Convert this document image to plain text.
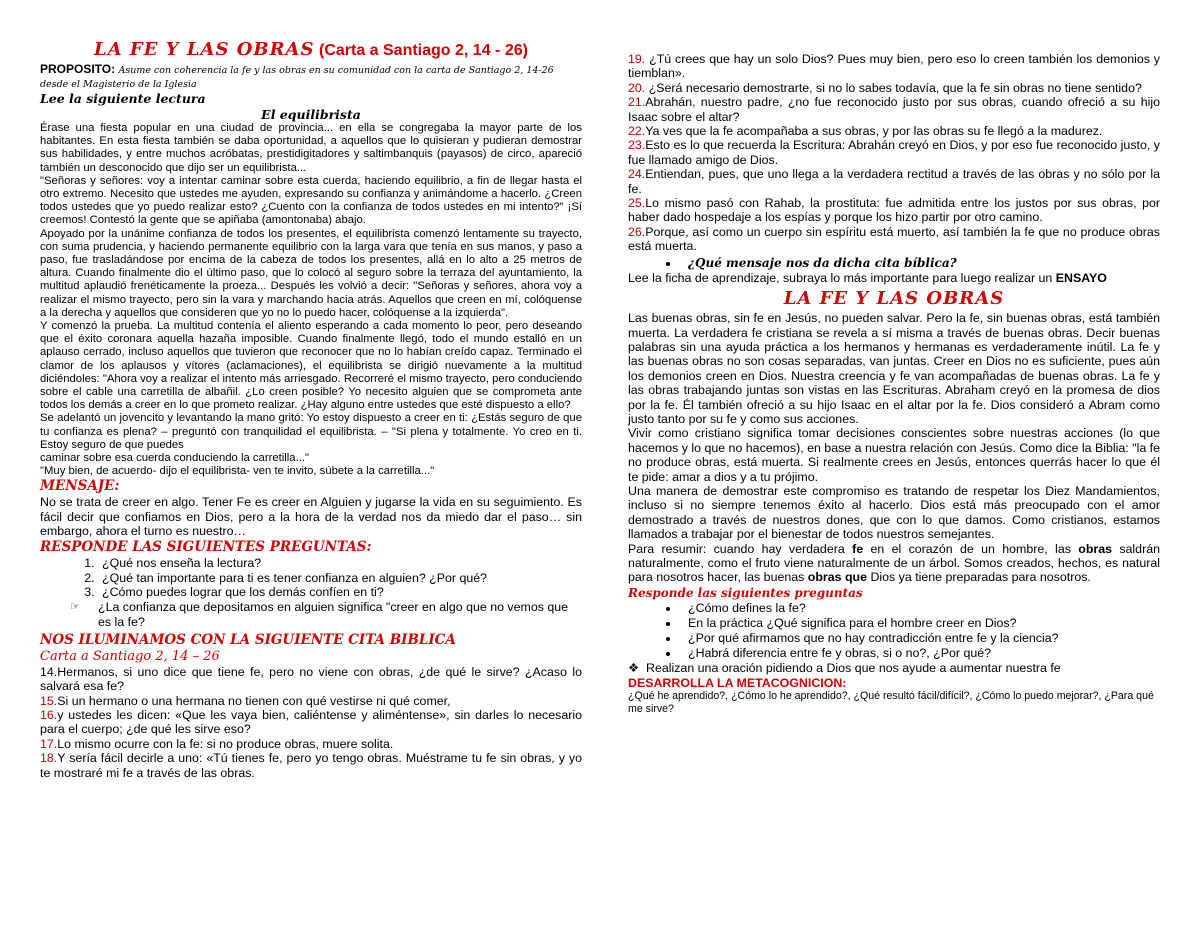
LA FE Y LAS OBRAS (Carta a Santiago 2, 14 - 26)
PROPOSITO: Asume con coherencia la fe y las obras en su comunidad con la carta de Santiago 2, 14-26 desde el Magisterio de la Iglesia
Lee la siguiente lectura
El equilibrista

Érase una fiesta popular en una ciudad de provincia... en ella se congregaba la mayor parte de los habitantes. En esta fiesta también se daba oportunidad, a aquellos que lo quisieran y pudieran demostrar sus habilidades, y entre muchos acróbatas, prestidigitadores y saltimbanquis (payasos) de circo, apareció también un desconocido que dijo ser un equilibrista...

"Señoras y señores: voy a intentar caminar sobre esta cuerda, haciendo equilibrio, a fin de llegar hasta el otro extremo. Necesito que ustedes me ayuden, expresando su confianza y animándome a hacerlo. ¿Creen todos ustedes que yo puedo realizar esto? ¿Cuento con la confianza de todos ustedes en mi intento?" ¡Sí creemos! Contestó la gente que se apiñaba (amontonaba) abajo.

Apoyado por la unánime confianza de todos los presentes, el equilibrista comenzó lentamente su trayecto, con suma prudencia, y haciendo permanente equilibrio con la larga vara que tenía en sus manos, y paso a paso, fue trasladándose por encima de la cabeza de todos los presentes, allá en lo alto a 25 metros de altura. Cuando finalmente dio el último paso, que lo colocó al seguro sobre la terraza del ayuntamiento, la multitud aplaudió frenéticamente la proeza... Después les volvió a decir: "Señoras y señores, ahora voy a realizar el mismo trayecto, pero sin la vara y marchando hacia atrás. Aquellos que creen en mí, colóquense a la derecha y aquellos que consideren que yo no lo puedo hacer, colóquense a la izquierda".

Y comenzó la prueba. La multitud contenía el aliento esperando a cada momento lo peor, pero deseando que el éxito coronara aquella hazaña imposible. Cuando finalmente llegó, todo el mundo estalló en un aplauso cerrado, incluso aquellos que tuvieron que reconocer que no lo habían creído capaz. Terminado el clamor de los aplausos y vítores (aclamaciones), el equilibrista se dirigió nuevamente a la multitud diciéndoles: "Ahora voy a realizar el intento más arriesgado. Recorreré el mismo trayecto, pero conduciendo sobre el cable una carretilla de albañil. ¿Lo creen posible? Yo necesito alguien que se comprometa ante todos los demás a creer en lo que prometo realizar. ¿Hay alguno entre ustedes que esté dispuesto a ello?

Se adelantó un jovencito y levantando la mano gritó: Yo estoy dispuesto a creer en ti: ¿Estás seguro de que tu confianza es plena? – preguntó con tranquilidad el equilibrista. – "Si plena y totalmente. Yo creo en ti. Estoy seguro de que puedes

caminar sobre esa cuerda conduciendo la carretilla..."

"Muy bien, de acuerdo- dijo el equilibrista- ven te invito, súbete a la carretilla..."

MENSAJE:
No se trata de creer en algo. Tener Fe es creer en Alguien y jugarse la vida en su seguimiento. Es fácil decir que confiamos en Dios, pero a la hora de la verdad nos da miedo dar el paso… sin embargo, ahora el turno es nuestro…
RESPONDE LAS SIGUIENTES PREGUNTAS:
1. ¿Qué nos enseña la lectura?
2. ¿Qué tan importante para ti es tener confianza en alguien? ¿Por qué?
3. ¿Cómo puedes lograr que los demás confíen en ti?
☞	¿La confianza que depositamos en alguien significa "creer en algo que no vemos que es la fe?
NOS ILUMINAMOS CON LA SIGUIENTE CITA BIBLICA
Carta a Santiago 2, 14 – 26

14.Hermanos, si uno dice que tiene fe, pero no viene con obras, ¿de qué le sirve? ¿Acaso lo salvará esa fe?

15.Si un hermano o una hermana no tienen con qué vestirse ni qué comer,

16.y ustedes les dicen: «Que les vaya bien, caliéntense y aliméntense», sin darles lo necesario para el cuerpo; ¿de qué les sirve eso?

17.Lo mismo ocurre con la fe: si no produce obras, muere solita.

18.Y sería fácil decirle a uno: «Tú tienes fe, pero yo tengo obras. Muéstrame tu fe sin obras, y yo te mostraré mi fe a través de las obras.

19. ¿Tú crees que hay un solo Dios? Pues muy bien, pero eso lo creen también los demonios y tiemblan».

20. ¿Será necesario demostrarte, si no lo sabes todavía, que la fe sin obras no tiene sentido?

21.Abrahán, nuestro padre, ¿no fue reconocido justo por sus obras, cuando ofreció a su hijo Isaac sobre el altar?

22.Ya ves que la fe acompañaba a sus obras, y por las obras su fe llegó a la madurez.

23.Esto es lo que recuerda la Escritura: Abrahán creyó en Dios, y por eso fue reconocido justo, y fue llamado amigo de Dios.

24.Entiendan, pues, que uno llega a la verdadera rectitud a través de las obras y no sólo por la fe.

25.Lo mismo pasó con Rahab, la prostituta: fue admitida entre los justos por sus obras, por haber dado hospedaje a los espías y porque los hizo partir por otro camino.

26.Porque, así como un cuerpo sin espíritu está muerto, así también la fe que no produce obras está muerta.

• ¿Qué mensaje nos da dicha cita bíblica?
Lee la ficha de aprendizaje, subraya lo más importante para luego realizar un ENSAYO
LA FE Y LAS OBRAS

Las buenas obras, sin fe en Jesús, no pueden salvar. Pero la fe, sin buenas obras, está también muerta. La verdadera fe cristiana se revela a sí misma a través de buenas obras. Decir buenas palabras sin una ayuda práctica a los hermanos y hermanas es verdaderamente inútil. La fe y las buenas obras no son cosas separadas, van juntas. Creer en Dios no es suficiente, pues aún los demonios creen en Dios. Nuestra creencia y fe van acompañadas de buenas obras. La fe y las obras trabajando juntas son vistas en las Escrituras. Abraham creyó en la promesa de dios por la fe. Él también ofreció a su hijo Isaac en el altar por la fe. Dios consideró a Abram como justo tanto por su fe y como sus acciones.

Vivir como cristiano significa tomar decisiones conscientes sobre nuestras acciones (lo que hacemos y lo que no hacemos), en base a nuestra relación con Jesús. Como dice la Biblia: "la fe no produce obras, está muerta. Si realmente crees en Jesús, entonces querrás hacer lo que él te pide: amar a dios y a tu prójimo.

Una manera de demostrar este compromiso es tratando de respetar los Diez Mandamientos, incluso si no siempre tenemos éxito al hacerlo. Dios está más preocupado con el amor demostrado a través de nuestros dones, que con lo que damos. Como cristianos, estamos llamados a trabajar por el bienestar de todos nuestros semejantes.

Para resumir: cuando hay verdadera fe en el corazón de un hombre, las obras saldrán naturalmente, como el fruto viene naturalmente de un árbol. Somos creados, hechos, es natural para nosotros hacer, las buenas obras que Dios ya tiene preparadas para nosotros.

Responde las siguientes preguntas
• ¿Cómo defines la fe?
• En la práctica ¿Qué significa para el hombre creer en Dios?
• ¿Por qué afirmamos que no hay contradicción entre fe y la ciencia?
• ¿Habrá diferencia entre fe y obras, si o no?, ¿Por qué?
❖ Realizan una oración pidiendo a Dios que nos ayude a aumentar nuestra fe
DESARROLLA LA METACOGNICION:
¿Qué he aprendido?, ¿Cómo lo he aprendido?, ¿Qué resultó fácil/difícil?, ¿Cómo lo puedo mejorar?, ¿Para qué me sirve?
